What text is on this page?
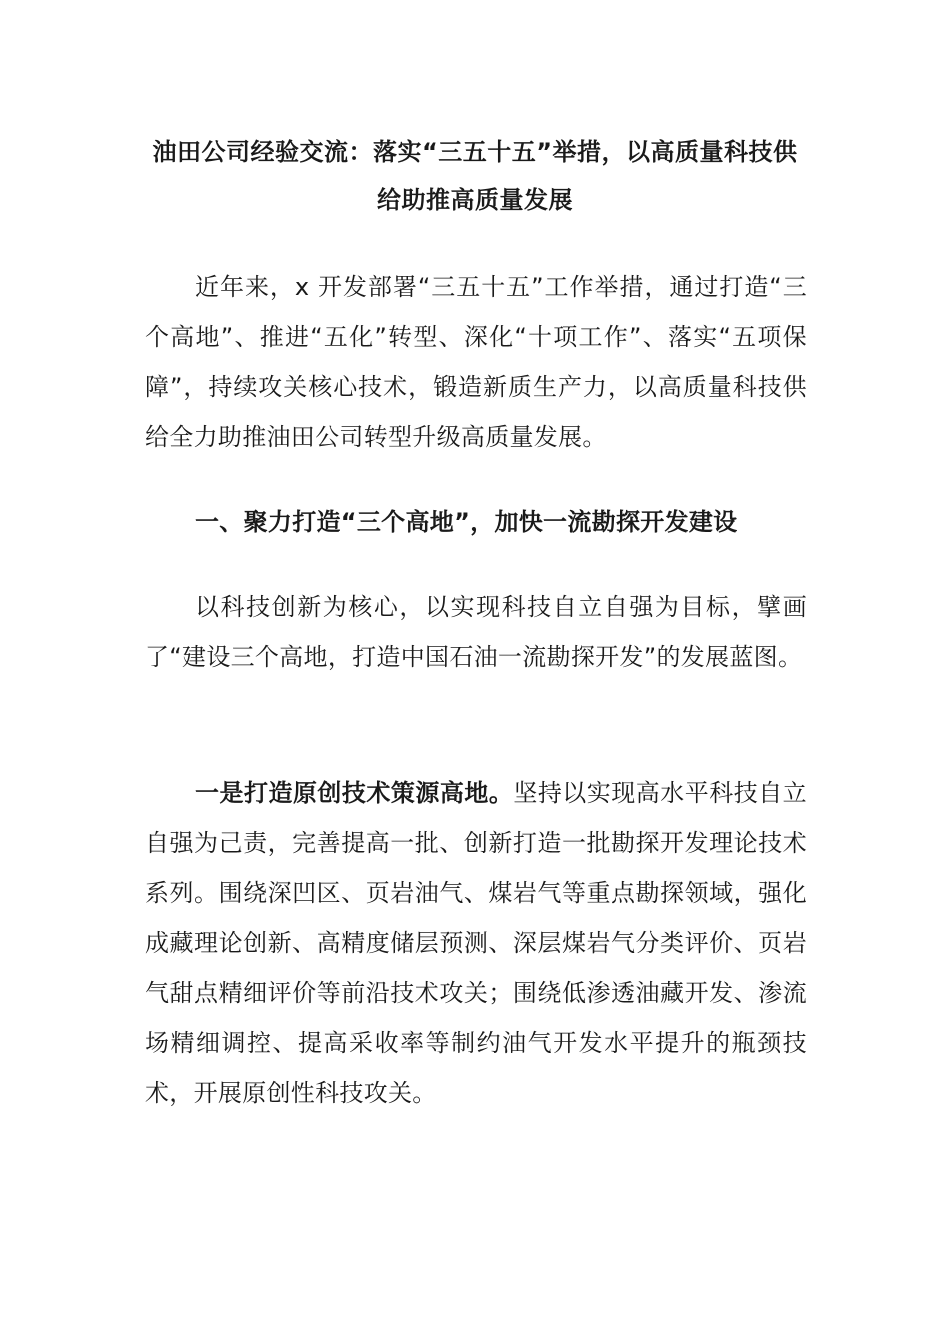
油田公司经验交流：落实“三五十五”举措，以高质量科技供给助推高质量发展

近年来，x 开发部署“三五十五”工作举措，通过打造“三个高地”、推进“五化”转型、深化“十项工作”、落实“五项保障”，持续攻关核心技术，锻造新质生产力，以高质量科技供给全力助推油田公司转型升级高质量发展。

一、聚力打造“三个高地”，加快一流勘探开发建设

以科技创新为核心，以实现科技自立自强为目标，擘画了“建设三个高地，打造中国石油一流勘探开发”的发展蓝图。

一是打造原创技术策源高地。坚持以实现高水平科技自立自强为己责，完善提高一批、创新打造一批勘探开发理论技术系列。围绕深凹区、页岩油气、煤岩气等重点勘探领域，强化成藏理论创新、高精度储层预测、深层煤岩气分类评价、页岩气甜点精细评价等前沿技术攻关；围绕低渗透油藏开发、渗流场精细调控、提高采收率等制约油气开发水平提升的瓶颈技术，开展原创性科技攻关。
